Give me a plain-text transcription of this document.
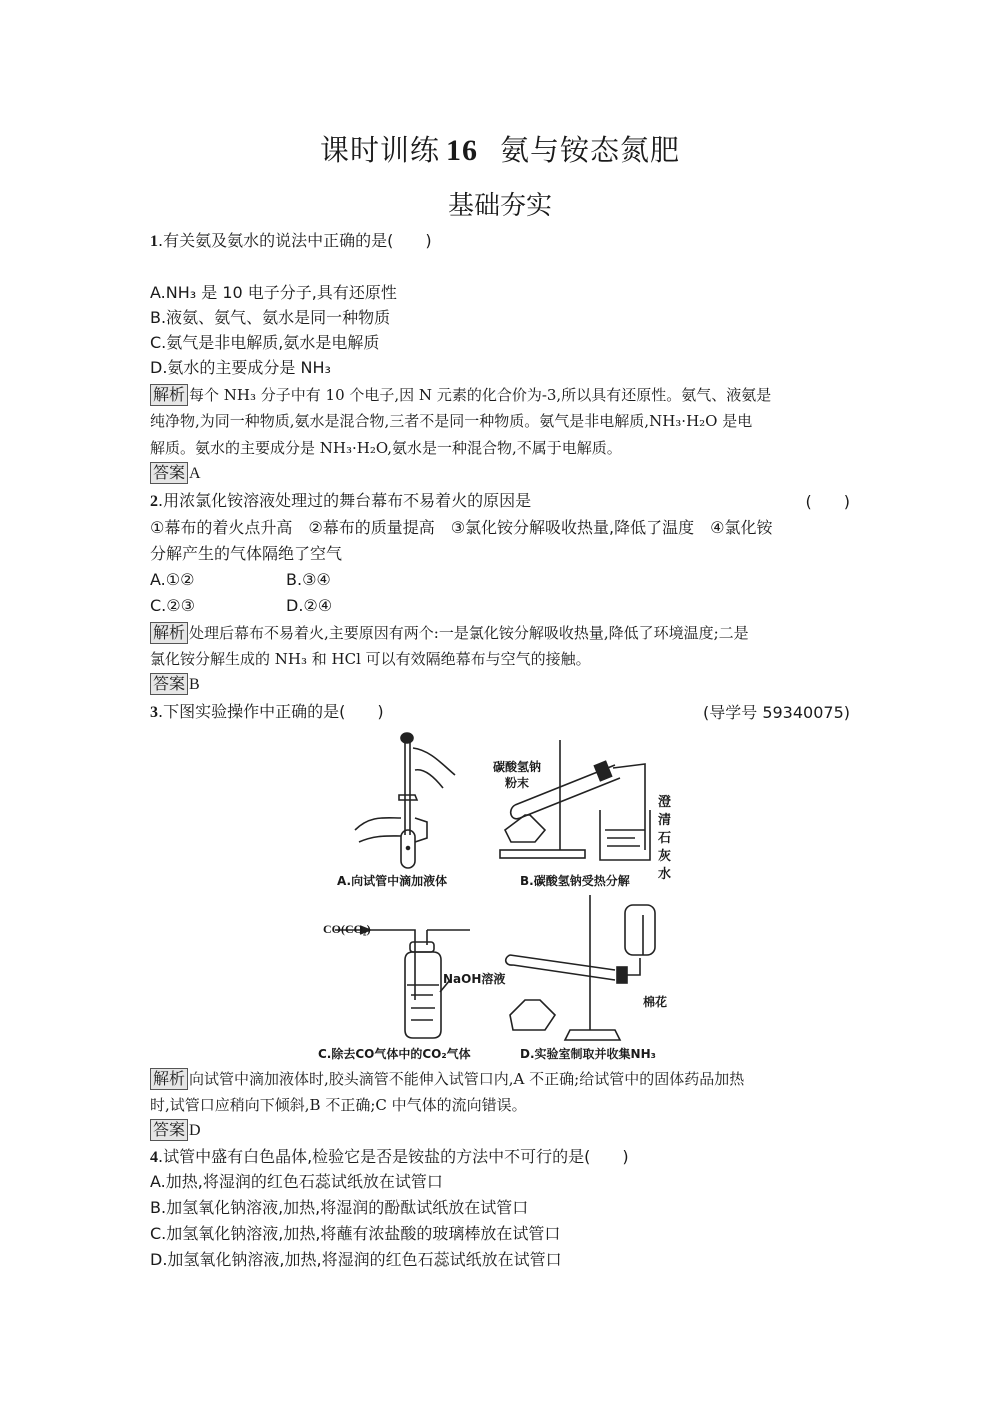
课时训练 16 氨与铵态氮肥
基础夯实
1.有关氨及氨水的说法中正确的是(　　)
A.NH₃ 是 10 电子分子,具有还原性
B.液氨、氨气、氨水是同一种物质
C.氨气是非电解质,氨水是电解质
D.氨水的主要成分是 NH₃
解析 每个 NH₃ 分子中有 10 个电子,因 N 元素的化合价为-3,所以具有还原性。氨气、液氨是
纯净物,为同一种物质,氨水是混合物,三者不是同一种物质。氨气是非电解质,NH₃·H₂O 是电
解质。氨水的主要成分是 NH₃·H₂O,氨水是一种混合物,不属于电解质。
答案 A
2.用浓氯化铵溶液处理过的舞台幕布不易着火的原因是	(　　)
①幕布的着火点升高　②幕布的质量提高　③氯化铵分解吸收热量,降低了温度　④氯化铵
分解产生的气体隔绝了空气
A.①②	B.③④
C.②③	D.②④
解析 处理后幕布不易着火,主要原因有两个:一是氯化铵分解吸收热量,降低了环境温度;二是
氯化铵分解生成的 NH₃ 和 HCl 可以有效隔绝幕布与空气的接触。
答案 B
3.下图实验操作中正确的是(　　)	(导学号 59340075)
碳酸氢钠
粉末
澄
清
石
灰
水
CO(CO₂)
NaOH溶液
棉花
A.向试管中滴加液体	B.碳酸氢钠受热分解
C.除去CO气体中的CO₂气体	D.实验室制取并收集NH₃
解析 向试管中滴加液体时,胶头滴管不能伸入试管口内,A 不正确;给试管中的固体药品加热
时,试管口应稍向下倾斜,B 不正确;C 中气体的流向错误。
答案 D
4.试管中盛有白色晶体,检验它是否是铵盐的方法中不可行的是(　　)
A.加热,将湿润的红色石蕊试纸放在试管口
B.加氢氧化钠溶液,加热,将湿润的酚酞试纸放在试管口
C.加氢氧化钠溶液,加热,将蘸有浓盐酸的玻璃棒放在试管口
D.加氢氧化钠溶液,加热,将湿润的红色石蕊试纸放在试管口
